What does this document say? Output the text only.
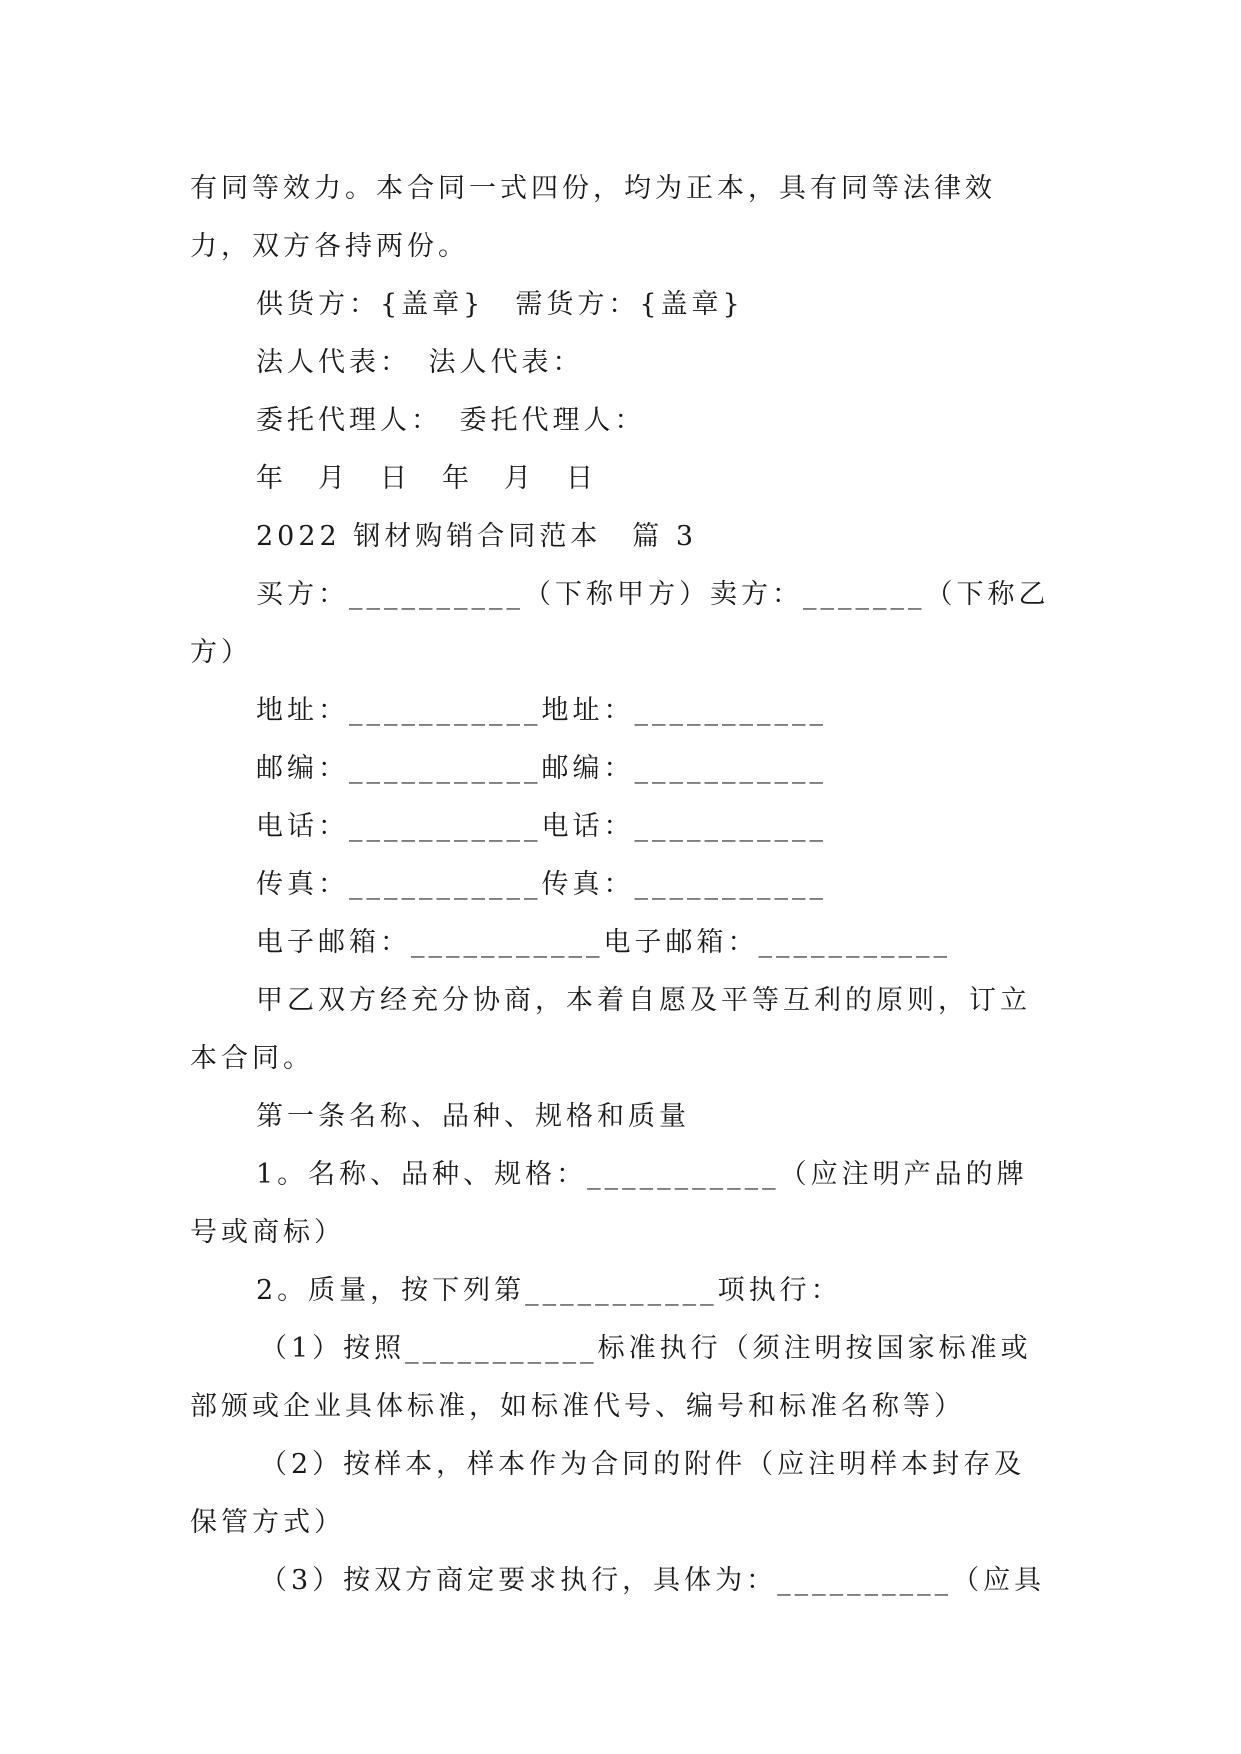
有同等效力。本合同一式四份，均为正本，具有同等法律效力，双方各持两份。

供货方：{盖章}　需货方：{盖章}

法人代表：　法人代表：

委托代理人：　委托代理人：

年　月　日　年　月　日

2022 钢材购销合同范本　篇 3

买方：__________（下称甲方）卖方：_______（下称乙方）

地址：___________地址：___________

邮编：___________邮编：___________

电话：___________电话：___________

传真：___________传真：___________

电子邮箱：___________电子邮箱：___________

甲乙双方经充分协商，本着自愿及平等互利的原则，订立本合同。

第一条名称、品种、规格和质量

1。名称、品种、规格：___________（应注明产品的牌号或商标）

2。质量，按下列第___________项执行：

（1）按照___________标准执行（须注明按国家标准或部颁或企业具体标准，如标准代号、编号和标准名称等）

（2）按样本，样本作为合同的附件（应注明样本封存及保管方式）

（3）按双方商定要求执行，具体为：__________（应具
